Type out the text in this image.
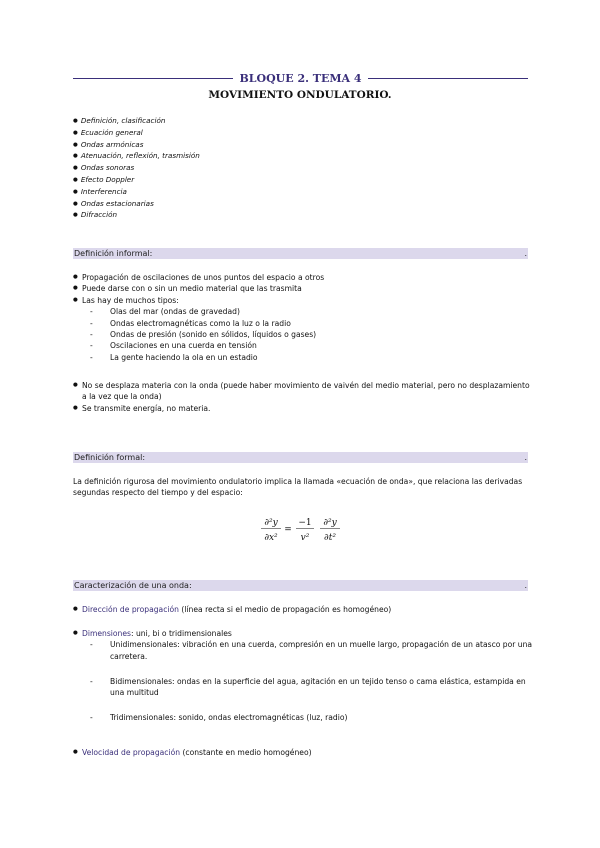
BLOQUE 2. TEMA 4
MOVIMIENTO ONDULATORIO.
● Definición, clasificación
● Ecuación general
● Ondas armónicas
● Atenuación, reflexión, trasmisión
● Ondas sonoras
● Efecto Doppler
● Interferencia
● Ondas estacionarias
● Difracción
Definición informal:	.
● Propagación de oscilaciones de unos puntos del espacio a otros
● Puede darse con o sin un medio material que las trasmita
● Las hay de muchos tipos:
- Olas del mar (ondas de gravedad)
- Ondas electromagnéticas como la luz o la radio
- Ondas de presión (sonido en sólidos, líquidos o gases)
- Oscilaciones en una cuerda en tensión
- La gente haciendo la ola en un estadio
● No se desplaza materia con la onda (puede haber movimiento de vaivén del medio material, pero no desplazamiento a la vez que la onda)
● Se transmite energía, no materia.
Definición formal:	.
La definición rigurosa del movimiento ondulatorio implica la llamada «ecuación de onda», que relaciona las derivadas segundas respecto del tiempo y del espacio:
∂²y
∂x²
=
−1
v²
∂²y
∂t²
Caracterización de una onda:	.
● Dirección de propagación (línea recta si el medio de propagación es homogéneo)
● Dimensiones: uni, bi o tridimensionales
- Unidimensionales: vibración en una cuerda, compresión en un muelle largo, propagación de un atasco por una carretera.
- Bidimensionales: ondas en la superficie del agua, agitación en un tejido tenso o cama elástica, estampida en una multitud
- Tridimensionales: sonido, ondas electromagnéticas (luz, radio)
● Velocidad de propagación (constante en medio homogéneo)
